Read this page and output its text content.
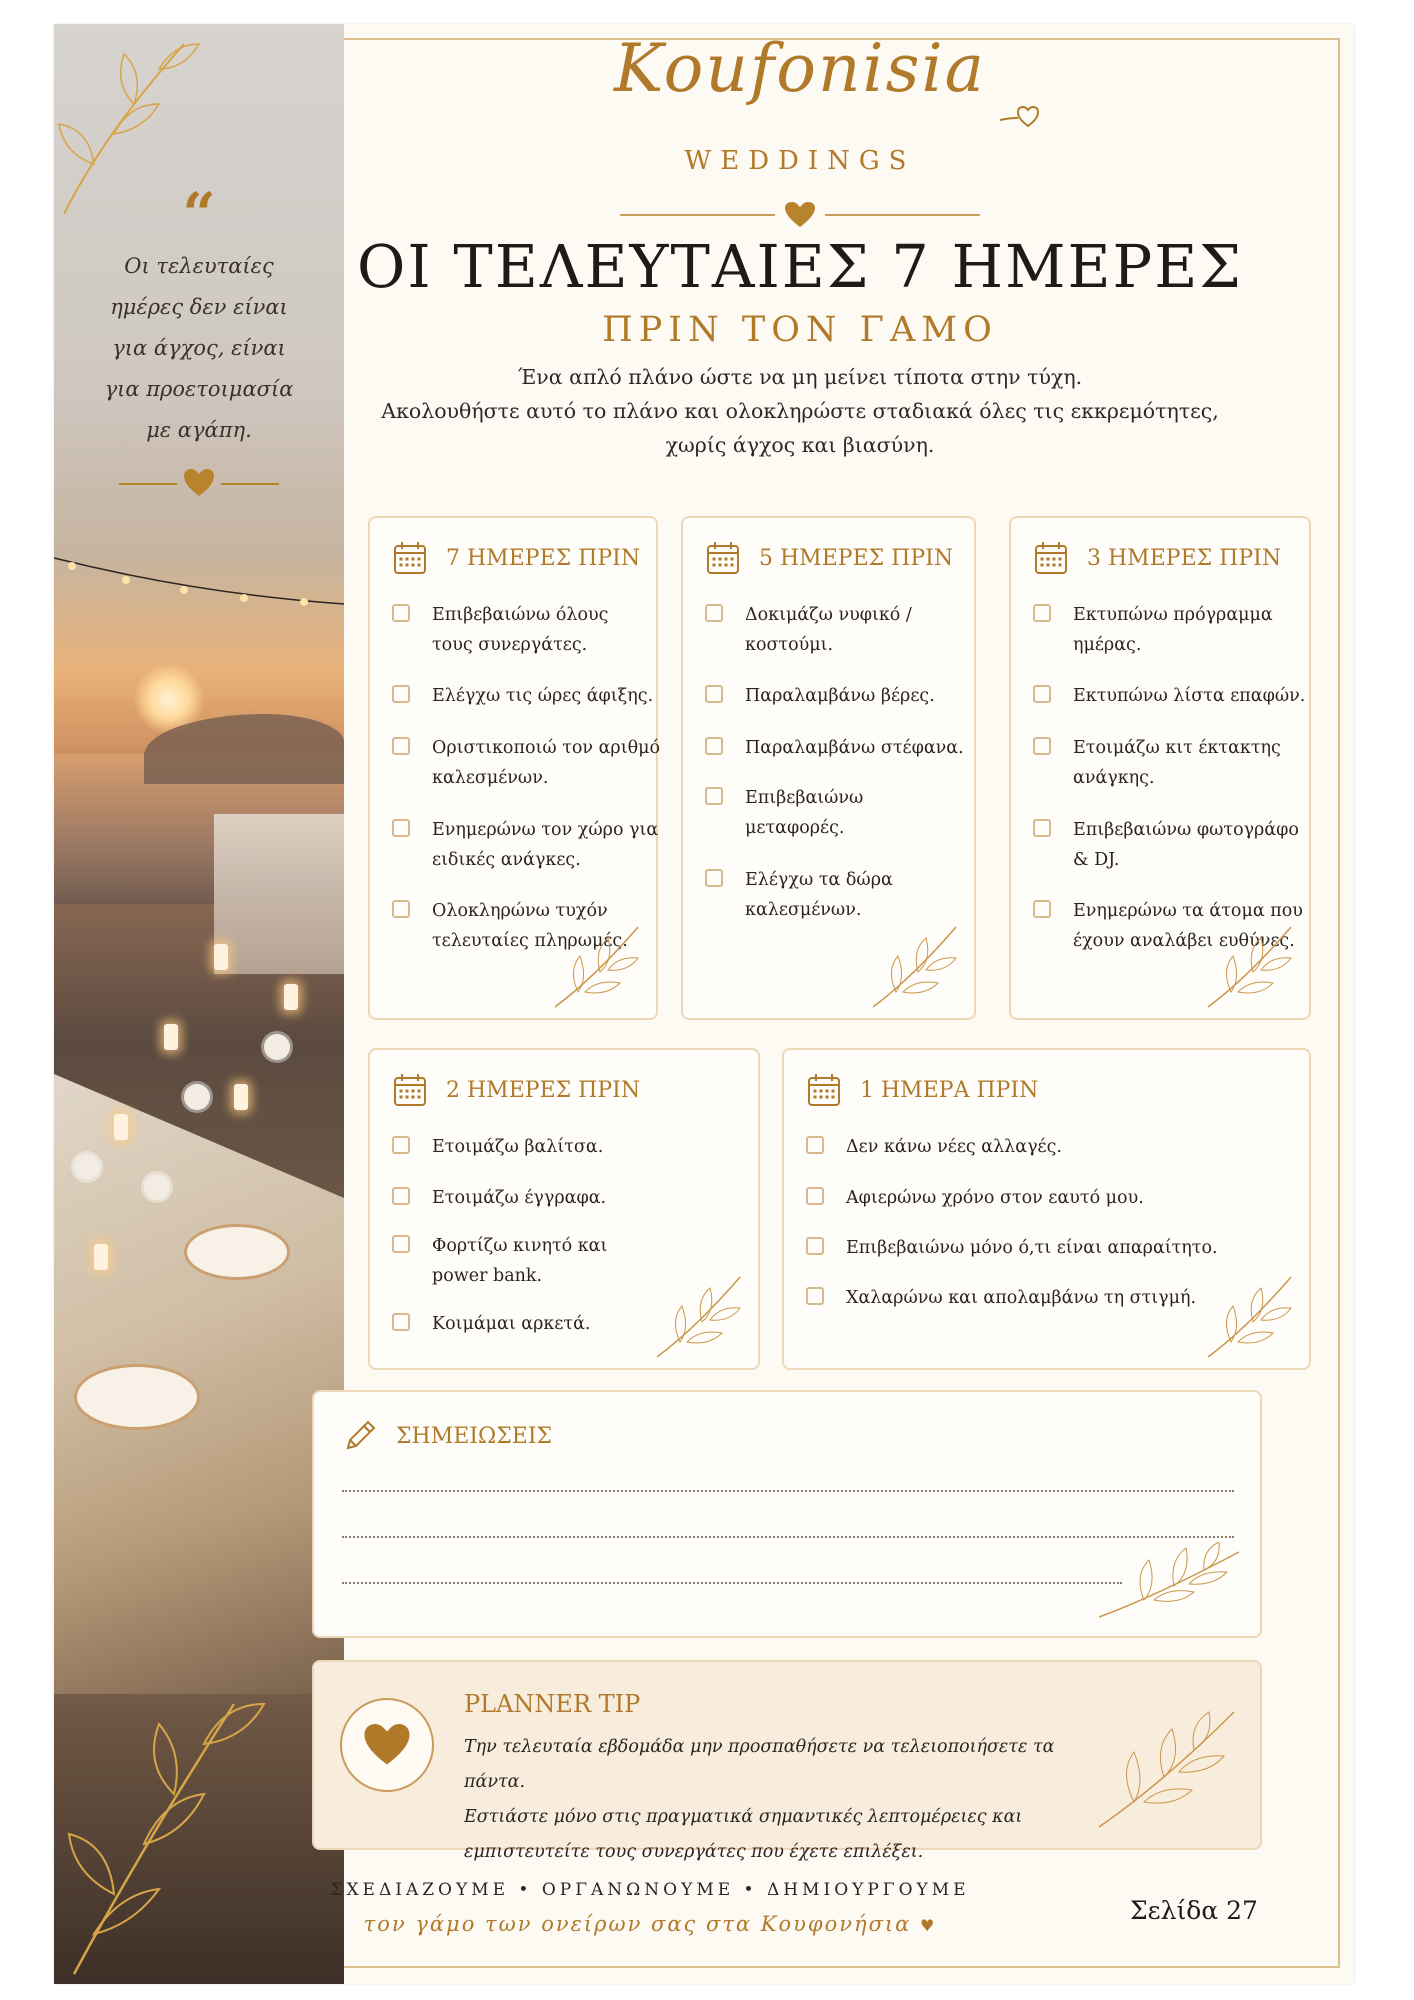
“
Οι τελευταίες ημέρες δεν είναι για άγχος, είναι για προετοιμασία με αγάπη.
Koufonisia
WEDDINGS
ΟΙ ΤΕΛΕΥΤΑΙΕΣ 7 ΗΜΕΡΕΣ
ΠΡΙΝ ΤΟΝ ΓΑΜΟ
Ένα απλό πλάνο ώστε να μη μείνει τίποτα στην τύχη.
Ακολουθήστε αυτό το πλάνο και ολοκληρώστε σταδιακά όλες τις εκκρεμότητες,
χωρίς άγχος και βιασύνη.
7 ΗΜΕΡΕΣ ΠΡΙΝ
Επιβεβαιώνω όλους
τους συνεργάτες.
Ελέγχω τις ώρες άφιξης.
Οριστικοποιώ τον αριθμό
καλεσμένων.
Ενημερώνω τον χώρο για
ειδικές ανάγκες.
Ολοκληρώνω τυχόν
τελευταίες πληρωμές.
5 ΗΜΕΡΕΣ ΠΡΙΝ
Δοκιμάζω νυφικό /
κοστούμι.
Παραλαμβάνω βέρες.
Παραλαμβάνω στέφανα.
Επιβεβαιώνω
μεταφορές.
Ελέγχω τα δώρα
καλεσμένων.
3 ΗΜΕΡΕΣ ΠΡΙΝ
Εκτυπώνω πρόγραμμα
ημέρας.
Εκτυπώνω λίστα επαφών.
Ετοιμάζω κιτ έκτακτης
ανάγκης.
Επιβεβαιώνω φωτογράφο
& DJ.
Ενημερώνω τα άτομα που
έχουν αναλάβει ευθύνες.
2 ΗΜΕΡΕΣ ΠΡΙΝ
Ετοιμάζω βαλίτσα.
Ετοιμάζω έγγραφα.
Φορτίζω κινητό και
power bank.
Κοιμάμαι αρκετά.
1 ΗΜΕΡΑ ΠΡΙΝ
Δεν κάνω νέες αλλαγές.
Αφιερώνω χρόνο στον εαυτό μου.
Επιβεβαιώνω μόνο ό,τι είναι απαραίτητο.
Χαλαρώνω και απολαμβάνω τη στιγμή.
ΣΗΜΕΙΩΣΕΙΣ
PLANNER TIP
Την τελευταία εβδομάδα μην προσπαθήσετε να τελειοποιήσετε τα πάντα.
Εστιάστε μόνο στις πραγματικά σημαντικές λεπτομέρειες και
εμπιστευτείτε τους συνεργάτες που έχετε επιλέξει.
ΣΧΕΔΙΑΖΟΥΜΕ • ΟΡΓΑΝΩΝΟΥΜΕ • ΔΗΜΙΟΥΡΓΟΥΜΕ
τον γάμο των ονείρων σας στα Κουφονήσια ♥
Σελίδα 27
